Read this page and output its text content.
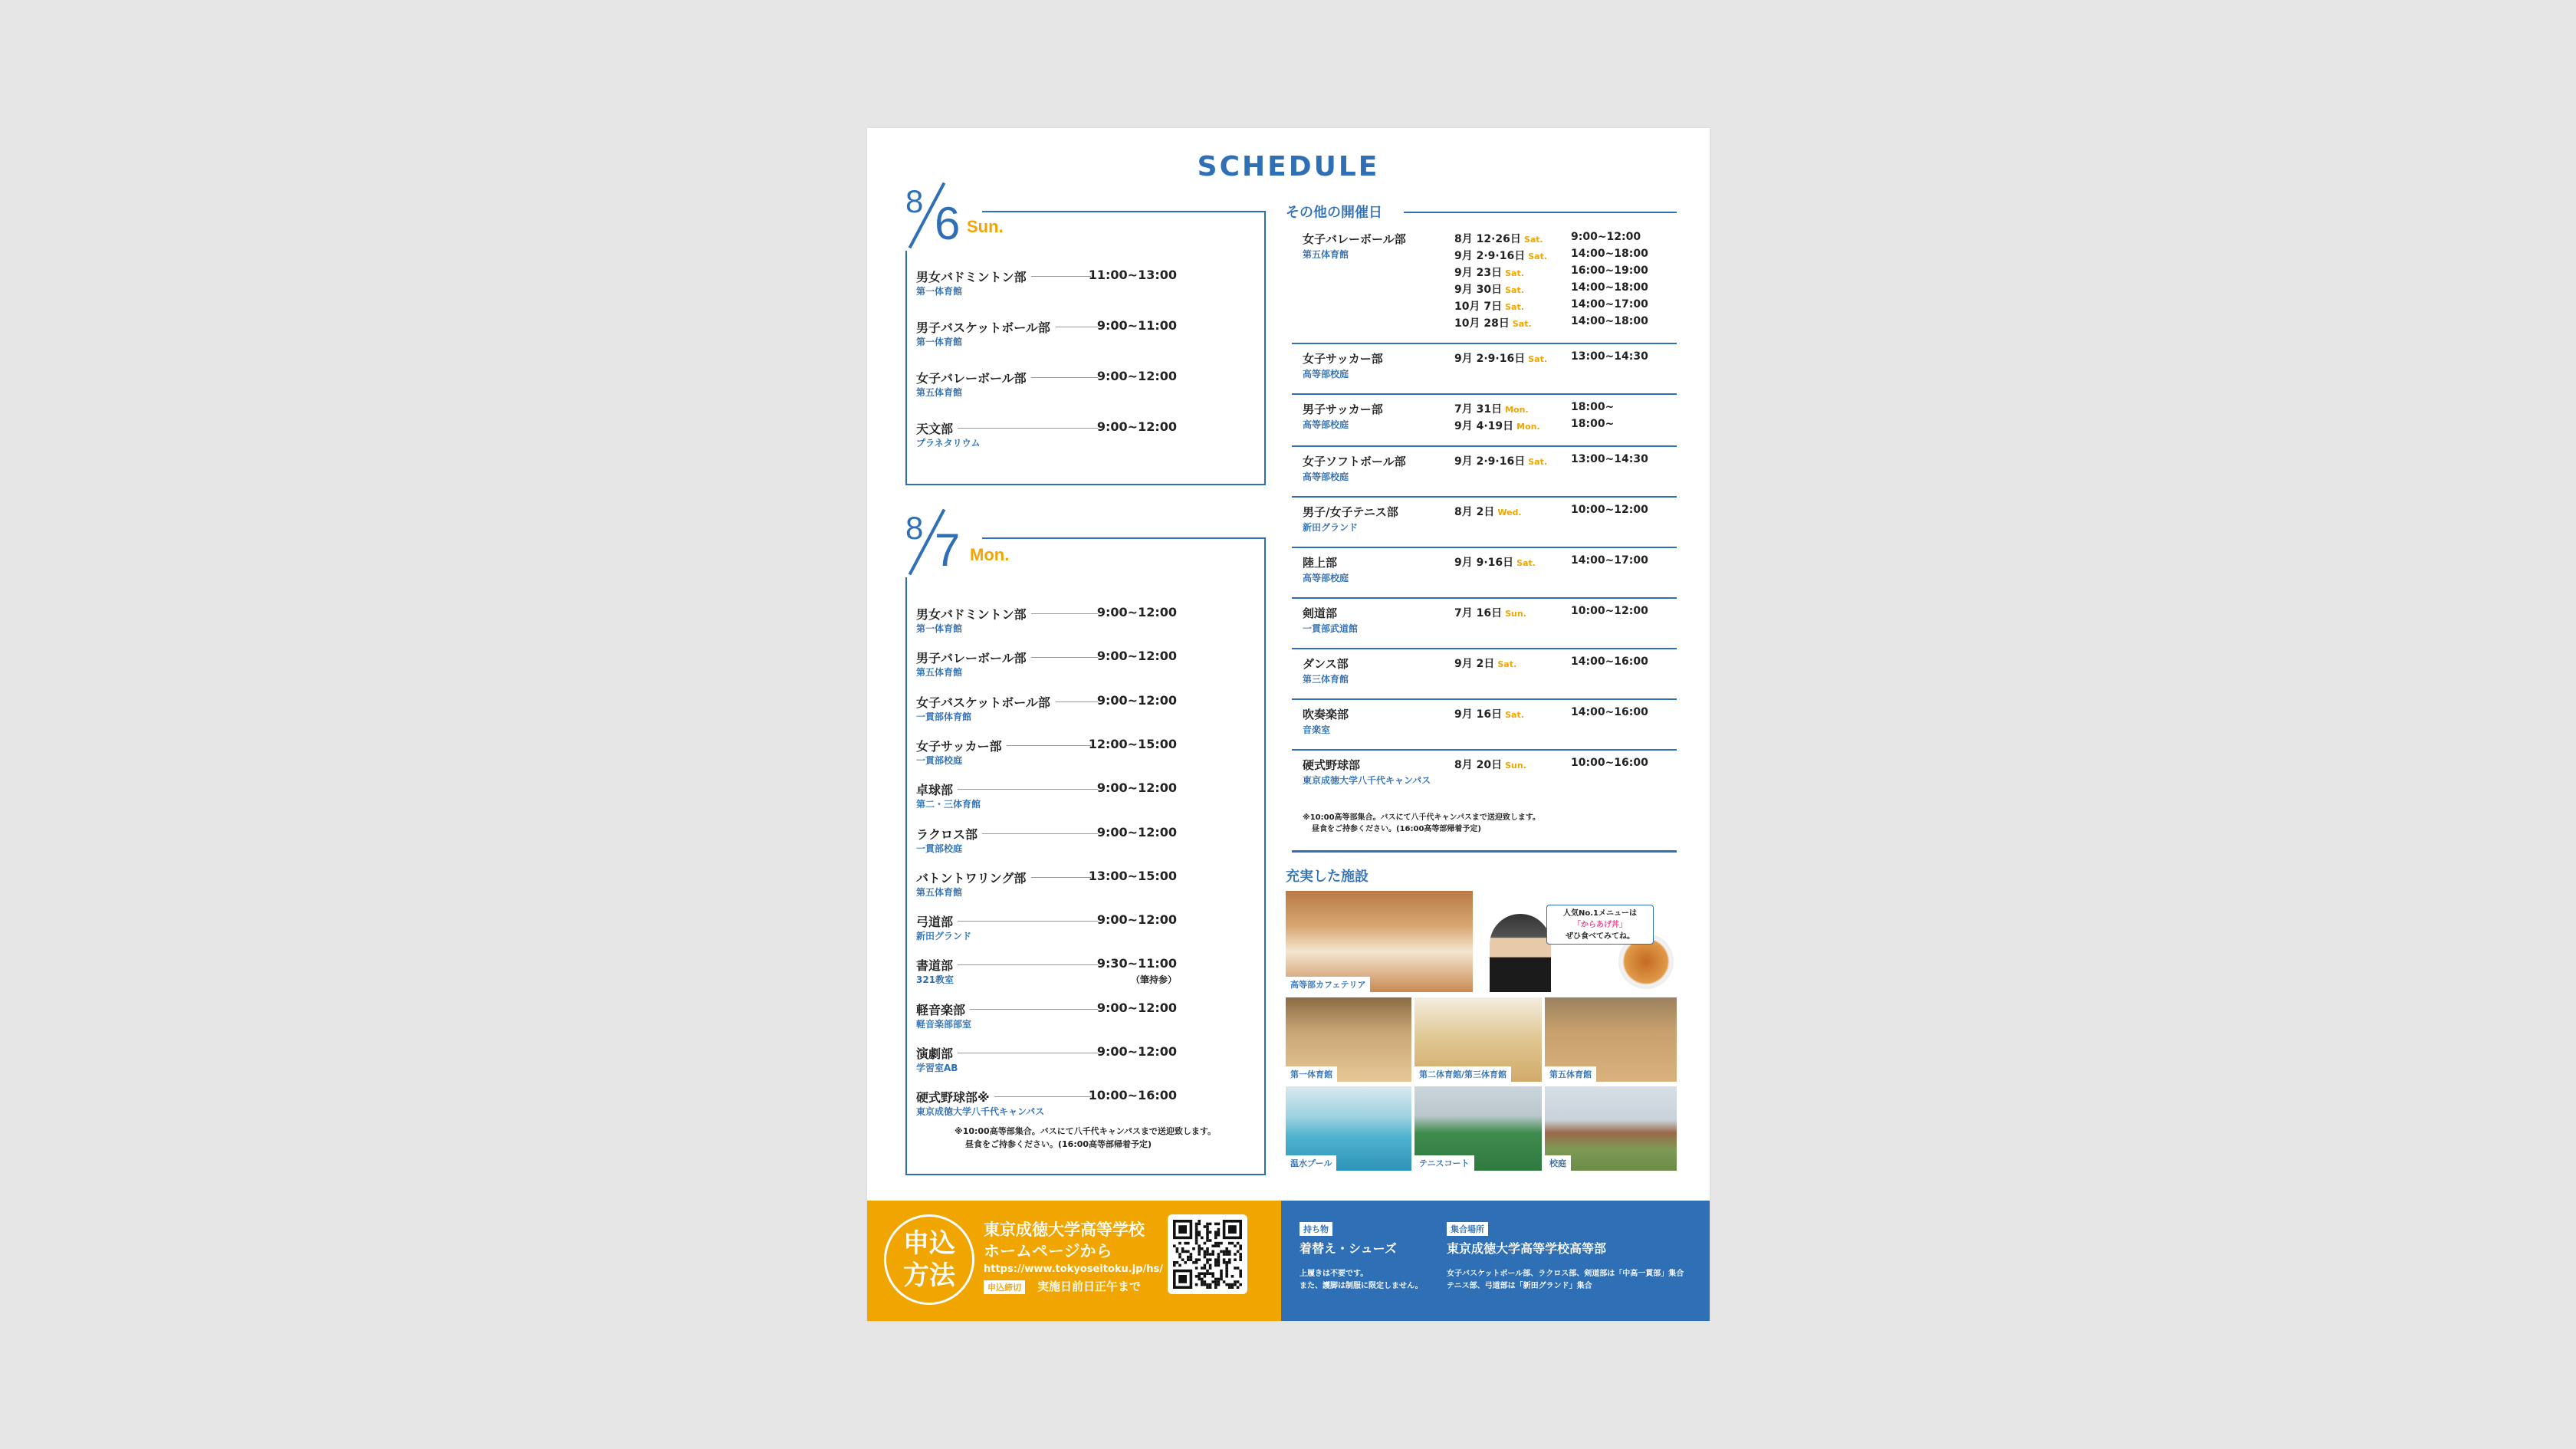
SCHEDULE
8 6 Sun.
男女バドミントン部	11:00~13:00
第一体育館
男子バスケットボール部	9:00~11:00
第一体育館
女子バレーボール部	9:00~12:00
第五体育館
天文部	9:00~12:00
プラネタリウム
8 7 Mon.
男女バドミントン部	9:00~12:00
第一体育館
男子バレーボール部	9:00~12:00
第五体育館
女子バスケットボール部	9:00~12:00
一貫部体育館
女子サッカー部	12:00~15:00
一貫部校庭
卓球部	9:00~12:00
第二・三体育館
ラクロス部	9:00~12:00
一貫部校庭
バトントワリング部	13:00~15:00
第五体育館
弓道部	9:00~12:00
新田グランド
書道部	9:30~11:00
321教室	（筆持参）
軽音楽部	9:00~12:00
軽音楽部部室
演劇部	9:00~12:00
学習室AB
硬式野球部※	10:00~16:00
東京成徳大学八千代キャンパス
※10:00高等部集合。バスにて八千代キャンパスまで送迎致します。
昼食をご持参ください。(16:00高等部帰着予定)
その他の開催日
女子バレーボール部
第五体育館
8月 12·26日 Sat.	9:00~12:00
9月 2·9·16日 Sat. 14:00~18:00
9月 23日 Sat.	16:00~19:00
9月 30日 Sat.	14:00~18:00
10月 7日 Sat.	14:00~17:00
10月 28日 Sat.	14:00~18:00
女子サッカー部
高等部校庭
9月 2·9·16日 Sat. 13:00~14:30
男子サッカー部
高等部校庭
7月 31日 Mon.	18:00~
9月 4·19日 Mon.	18:00~
女子ソフトボール部
高等部校庭
9月 2·9·16日 Sat. 13:00~14:30
男子/女子テニス部
新田グランド
8月 2日 Wed.	10:00~12:00
陸上部
高等部校庭
9月 9·16日 Sat.	14:00~17:00
剣道部
一貫部武道館
7月 16日 Sun.	10:00~12:00
ダンス部
第三体育館
9月 2日 Sat.	14:00~16:00
吹奏楽部
音楽室
9月 16日 Sat.	14:00~16:00
硬式野球部
東京成徳大学八千代キャンパス
8月 20日 Sun.	10:00~16:00
※10:00高等部集合。バスにて八千代キャンパスまで送迎致します。
昼食をご持参ください。(16:00高等部帰着予定)
充実した施設
高等部カフェテリア
人気No.1メニューは
「からあげ丼」
ぜひ食べてみてね。
第一体育館	第二体育館/第三体育館	第五体育館
温水プール	テニスコート	校庭
申込
方法
東京成徳大学高等学校
ホームページから
https://www.tokyoseitoku.jp/hs/
申込締切	実施日前日正午まで
持ち物
着替え・シューズ
上履きは不要です。
また、護脚は制服に限定しません。
集合場所
東京成徳大学高等学校高等部
女子バスケットボール部、ラクロス部、剣道部は「中高一貫部」集合
テニス部、弓道部は「新田グランド」集合
